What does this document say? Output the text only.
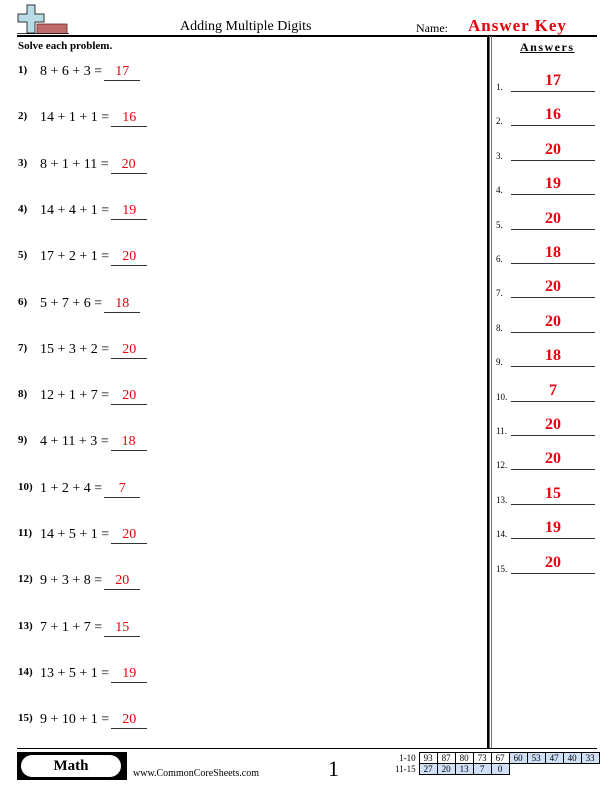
Adding Multiple Digits	Name: Answer Key
Solve each problem.	Answers
1) 8 + 6 + 3 = 17
2) 14 + 1 + 1 = 16
3) 8 + 1 + 11 = 20
4) 14 + 4 + 1 = 19
5) 17 + 2 + 1 = 20
6) 5 + 7 + 6 = 18
7) 15 + 3 + 2 = 20
8) 12 + 1 + 7 = 20
9) 4 + 11 + 3 = 18
10) 1 + 2 + 4 = 7
11) 14 + 5 + 1 = 20
12) 9 + 3 + 8 = 20
13) 7 + 1 + 7 = 15
14) 13 + 5 + 1 = 19
15) 9 + 10 + 1 = 20
1.	17
2.	16
3.	20
4.	19
5.	20
6.	18
7.	20
8.	20
9.	18
10.	7
11.	20
12.	20
13.	15
14.	19
15.	20
Math	www.CommonCoreSheets.com	1	1-10	93	87	80	73	67	60	53	47	40	33
11-15	27	20	13	7	0					
